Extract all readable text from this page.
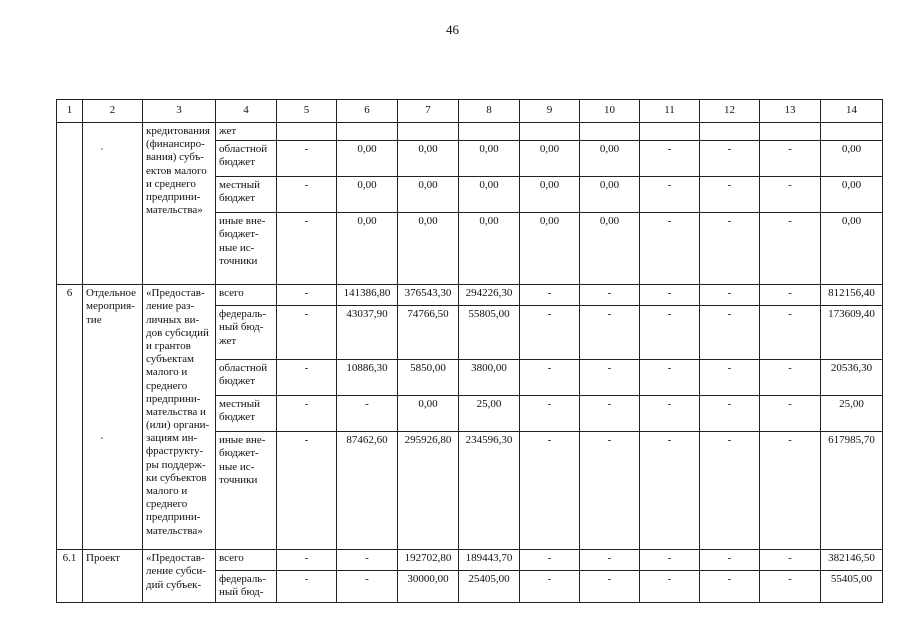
46
1	2	3	4	5	6	7	8	9	10	11	12	13	14
		кредитования (финансиро-вания) субъ-ектов малого и среднего предприни-мательства»	жет										
			областной бюджет	-	0,00	0,00	0,00	0,00	0,00	-	-	-	0,00
			местный бюджет	-	0,00	0,00	0,00	0,00	0,00	-	-	-	0,00
			иные вне-бюджет-ные ис-точники	-	0,00	0,00	0,00	0,00	0,00	-	-	-	0,00
6	Отдельное мероприя-тие	«Предостав-ление раз-личных ви-дов субсидий и грантов субъектам малого и среднего предприни-мательства и (или) органи-зациям ин-фраструкту-ры поддерж-ки субъектов малого и среднего предприни-мательства»	всего	-	141386,80	376543,30	294226,30	-	-	-	-	-	812156,40
			федераль-ный бюд-жет	-	43037,90	74766,50	55805,00	-	-	-	-	-	173609,40
			областной бюджет	-	10886,30	5850,00	3800,00	-	-	-	-	-	20536,30
			местный бюджет	-	-	0,00	25,00	-	-	-	-	-	25,00
			иные вне-бюджет-ные ис-точники	-	87462,60	295926,80	234596,30	-	-	-	-	-	617985,70
6.1	Проект	«Предостав-ление субси-дий субъек-	всего	-	-	192702,80	189443,70	-	-	-	-	-	382146,50
			федераль-ный бюд-	-	-	30000,00	25405,00	-	-	-	-	-	55405,00
